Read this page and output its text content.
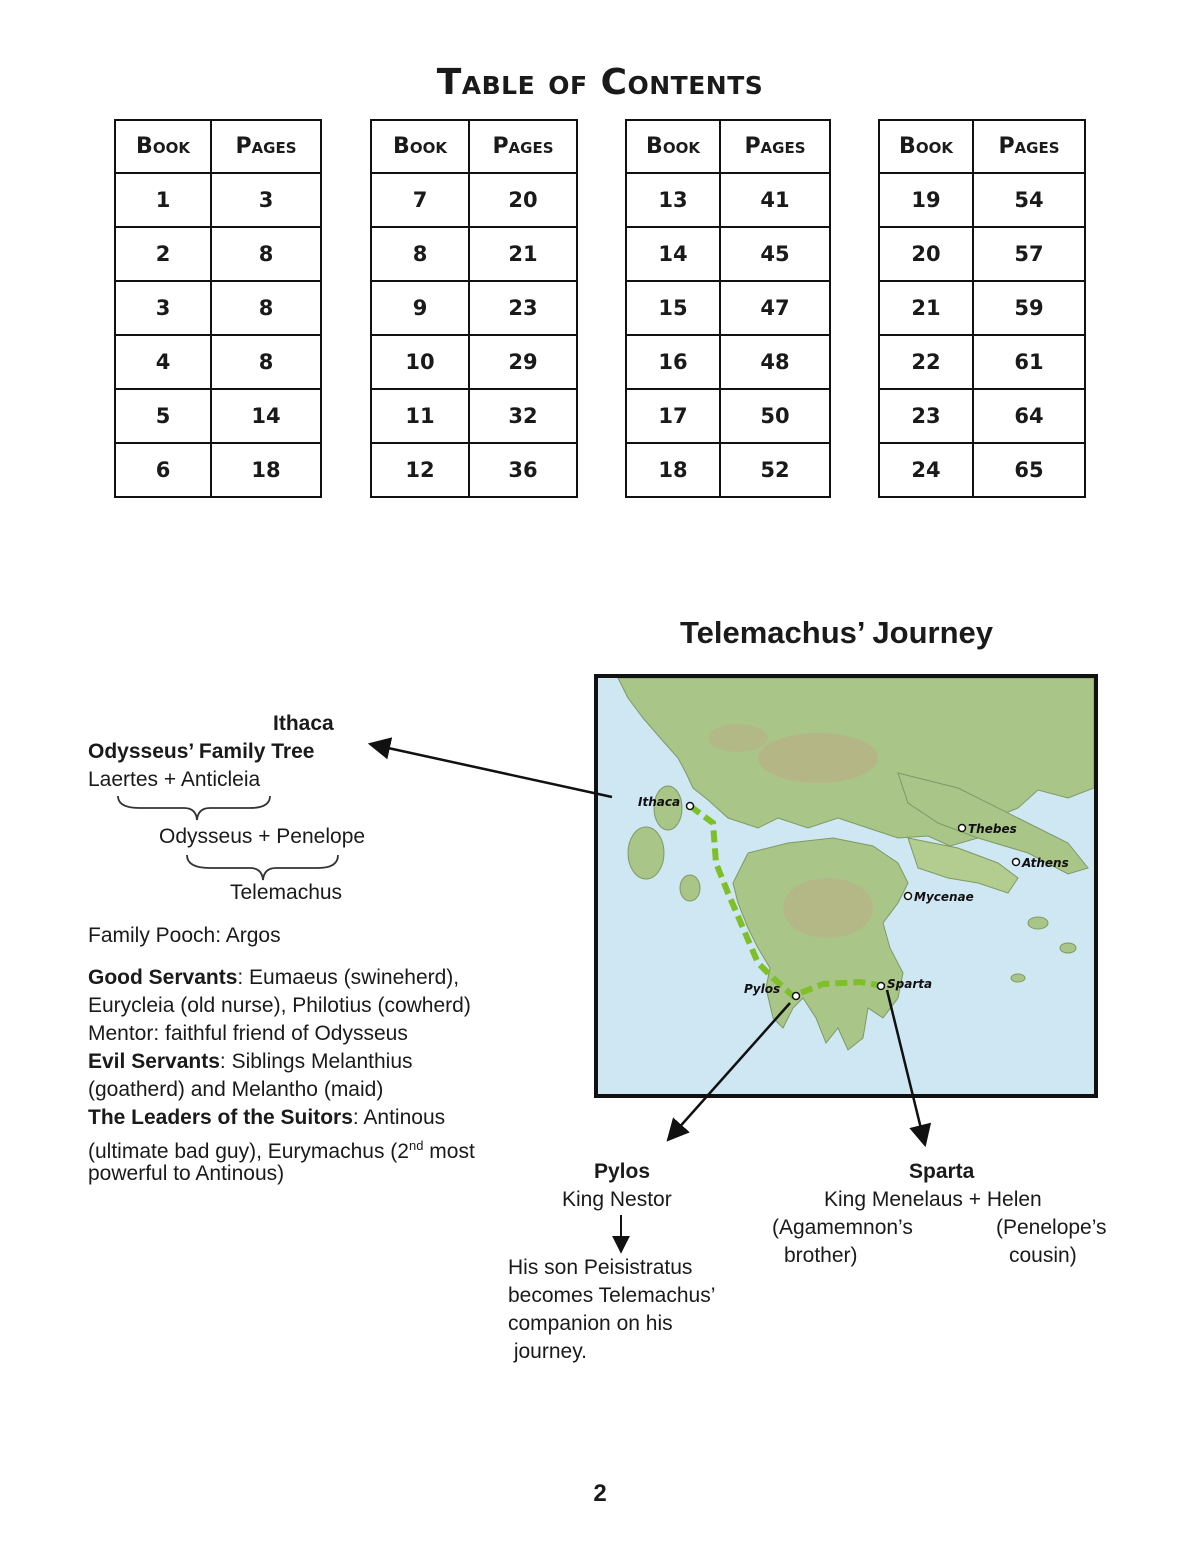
Table of Contents
Book	Pages
1	3
2	8
3	8
4	8
5	14
6	18
Book	Pages
7	20
8	21
9	23
10	29
11	32
12	36
Book	Pages
13	41
14	45
15	47
16	48
17	50
18	52
Book	Pages
19	54
20	57
21	59
22	61
23	64
24	65
Telemachus’ Journey
Ithaca
Thebes
Athens
Mycenae
Pylos	Sparta
Ithaca
Odysseus’ Family Tree
Laertes + Anticleia
Odysseus + Penelope
Telemachus
Family Pooch: Argos
Good Servants: Eumaeus (swineherd),
Eurycleia (old nurse), Philotius (cowherd)
Mentor: faithful friend of Odysseus
Evil Servants: Siblings Melanthius
(goatherd) and Melantho (maid)
The Leaders of the Suitors: Antinous
(ultimate bad guy), Eurymachus (2nd most
powerful to Antinous)	Pylos
King Nestor
His son Peisistratus
becomes Telemachus’
companion on his
journey.
Sparta
King Menelaus + Helen
(Agamemnon’s
brother)
(Penelope’s
cousin)
2
